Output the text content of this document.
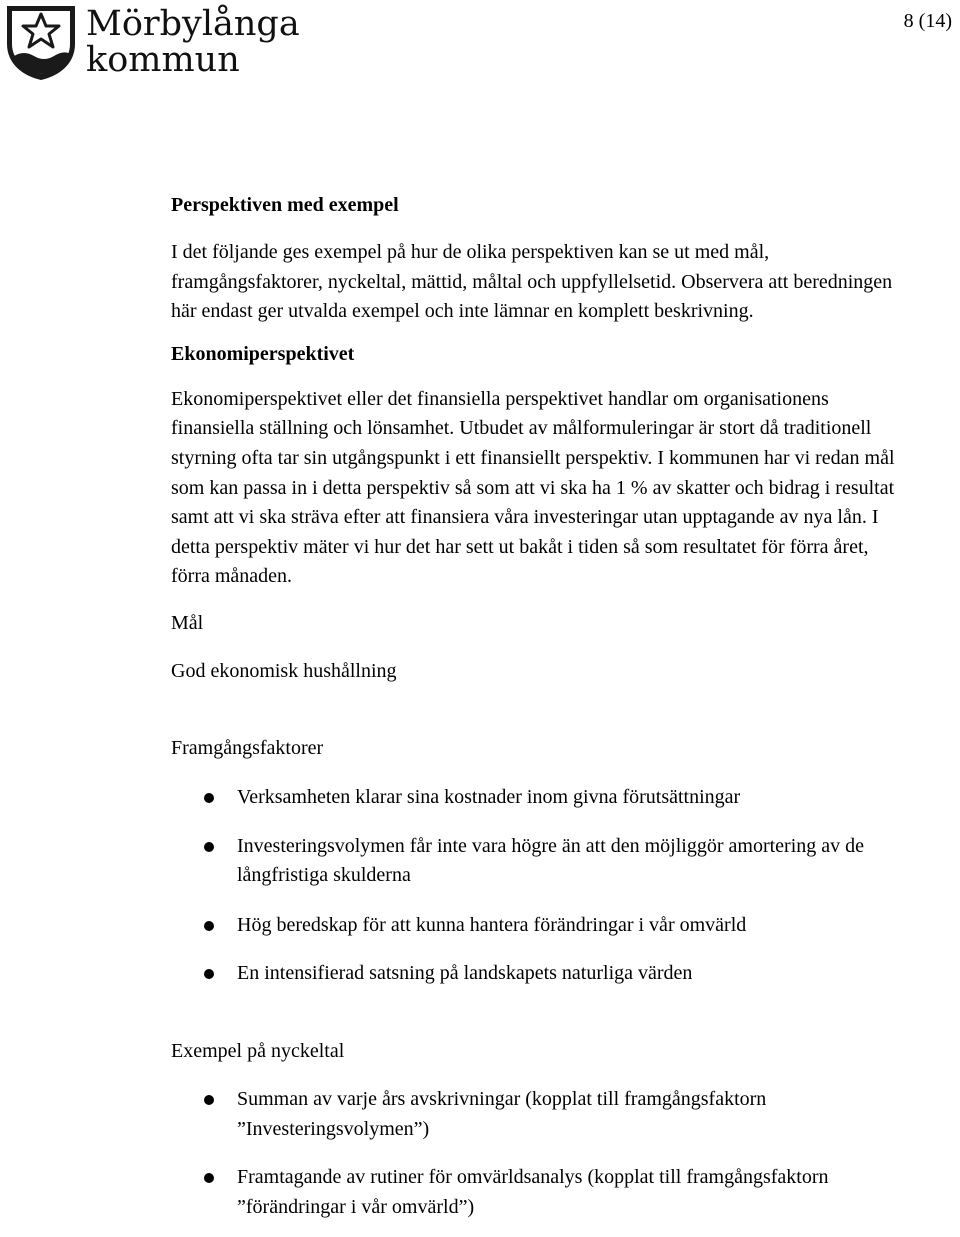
Mörbylånga
kommun
8 (14)
Perspektiven med exempel

I det följande ges exempel på hur de olika perspektiven kan se ut med mål, framgångsfaktorer, nyckeltal, mättid, måltal och uppfyllelsetid. Observera att beredningen här endast ger utvalda exempel och inte lämnar en komplett beskrivning.

Ekonomiperspektivet

Ekonomiperspektivet eller det finansiella perspektivet handlar om organisationens finansiella ställning och lönsamhet. Utbudet av målformuleringar är stort då traditionell styrning ofta tar sin utgångspunkt i ett finansiellt perspektiv. I kommunen har vi redan mål som kan passa in i detta perspektiv så som att vi ska ha 1 % av skatter och bidrag i resultat samt att vi ska sträva efter att finansiera våra investeringar utan upptagande av nya lån. I detta perspektiv mäter vi hur det har sett ut bakåt i tiden så som resultatet för förra året, förra månaden.

Mål
God ekonomisk hushållning
Framgångsfaktorer
Verksamheten klarar sina kostnader inom givna förutsättningar
Investeringsvolymen får inte vara högre än att den möjliggör amortering av de långfristiga skulderna
Hög beredskap för att kunna hantera förändringar i vår omvärld
En intensifierad satsning på landskapets naturliga värden
Exempel på nyckeltal
Summan av varje års avskrivningar (kopplat till framgångsfaktorn ”Investeringsvolymen”)
Framtagande av rutiner för omvärldsanalys (kopplat till framgångsfaktorn ”förändringar i vår omvärld”)
